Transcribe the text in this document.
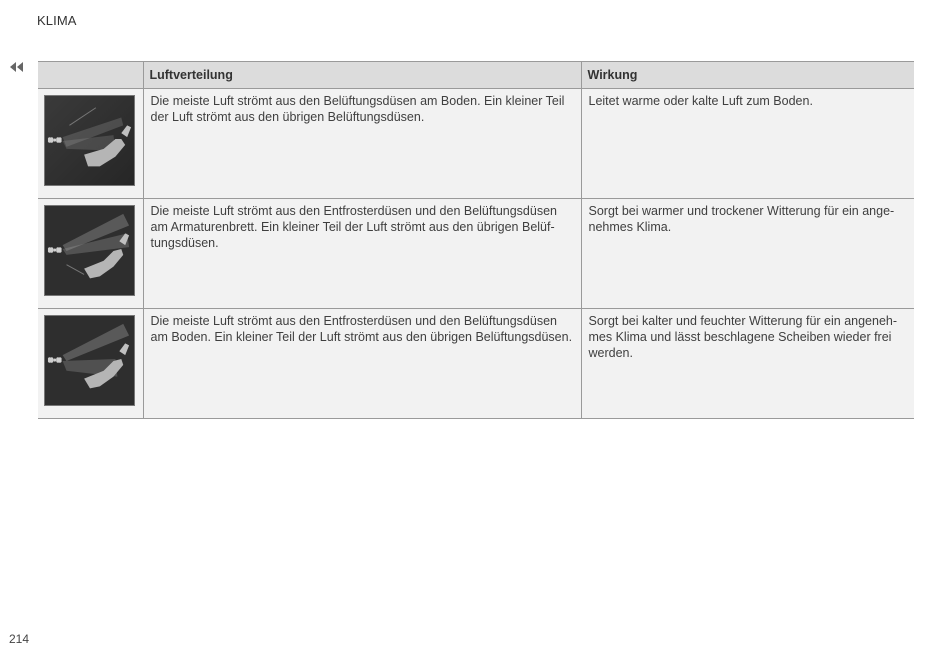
KLIMA
	Luftverteilung	Wirkung

	Die meiste Luft strömt aus den Belüftungsdüsen am Boden. Ein kleiner Teil der Luft strömt aus den übrigen Belüftungsdüsen.	Leitet warme oder kalte Luft zum Boden.

	Die meiste Luft strömt aus den Entfrosterdüsen und den Belüftungsdüsen am Armaturenbrett. Ein kleiner Teil der Luft strömt aus den übrigen Belüf-tungsdüsen.	Sorgt bei warmer und trockener Witterung für ein ange-nehmes Klima.

	Die meiste Luft strömt aus den Entfrosterdüsen und den Belüftungsdüsen am Boden. Ein kleiner Teil der Luft strömt aus den übrigen Belüftungsdüsen.	Sorgt bei kalter und feuchter Witterung für ein angeneh-mes Klima und lässt beschlagene Scheiben wieder frei werden.
214
